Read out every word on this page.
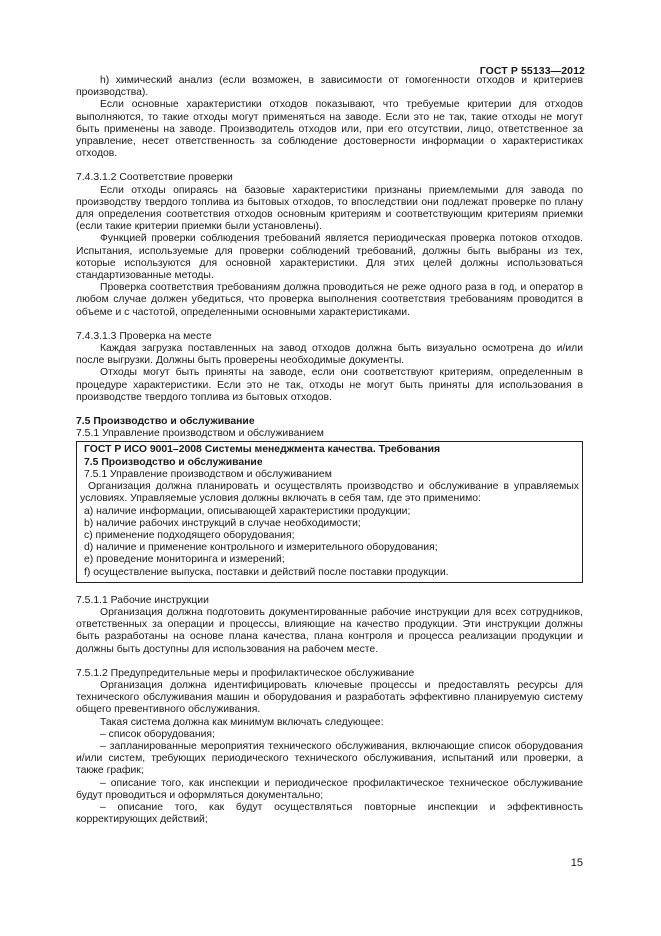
ГОСТ Р 55133—2012

h) химический анализ (если возможен, в зависимости от гомогенности отходов и критериев производства).

Если основные характеристики отходов показывают, что требуемые критерии для отходов выполняются, то такие отходы могут применяться на заводе. Если это не так, такие отходы не могут быть применены на заводе. Производитель отходов или, при его отсутствии, лицо, ответственное за управление, несет ответственность за соблюдение достоверности информации о характеристиках отходов.

7.4.3.1.2 Соответствие проверки

Если отходы опираясь на базовые характеристики признаны приемлемыми для завода по производству твердого топлива из бытовых отходов, то впоследствии они подлежат проверке по плану для определения соответствия отходов основным критериям и соответствующим критериям приемки (если такие критерии приемки были установлены).

Функцией проверки соблюдения требований является периодическая проверка потоков отходов. Испытания, используемые для проверки соблюдений требований, должны быть выбраны из тех, которые используются для основной характеристики. Для этих целей должны использоваться стандартизованные методы.

Проверка соответствия требованиям должна проводиться не реже одного раза в год, и оператор в любом случае должен убедиться, что проверка выполнения соответствия требованиям проводится в объеме и с частотой, определенными основными характеристиками.

7.4.3.1.3 Проверка на месте

Каждая загрузка поставленных на завод отходов должна быть визуально осмотрена до и/или после выгрузки. Должны быть проверены необходимые документы.

Отходы могут быть приняты на заводе, если они соответствуют критериям, определенным в процедуре характеристики. Если это не так, отходы не могут быть приняты для использования в производстве твердого топлива из бытовых отходов.

7.5 Производство и обслуживание

7.5.1 Управление производством и обслуживанием

ГОСТ Р ИСО 9001–2008 Системы менеджмента качества. Требования

7.5 Производство и обслуживание

7.5.1 Управление производством и обслуживанием

Организация должна планировать и осуществлять производство и обслуживание в управляемых условиях. Управляемые условия должны включать в себя там, где это применимо:

a) наличие информации, описывающей характеристики продукции;

b) наличие рабочих инструкций в случае необходимости;

c) применение подходящего оборудования;

d) наличие и применение контрольного и измерительного оборудования;

e) проведение мониторинга и измерений;

f) осуществление выпуска, поставки и действий после поставки продукции.

7.5.1.1 Рабочие инструкции

Организация должна подготовить документированные рабочие инструкции для всех сотрудников, ответственных за операции и процессы, влияющие на качество продукции. Эти инструкции должны быть разработаны на основе плана качества, плана контроля и процесса реализации продукции и должны быть доступны для использования на рабочем месте.

7.5.1.2 Предупредительные меры и профилактическое обслуживание

Организация должна идентифицировать ключевые процессы и предоставлять ресурсы для технического обслуживания машин и оборудования и разработать эффективно планируемую систему общего превентивного обслуживания.

Такая система должна как минимум включать следующее:

– список оборудования;

– запланированные мероприятия технического обслуживания, включающие список оборудования и/или систем, требующих периодического технического обслуживания, испытаний или проверки, а также график;

– описание того, как инспекции и периодическое профилактическое техническое обслуживание будут проводиться и оформляться документально;

– описание того, как будут осуществляться повторные инспекции и эффективность корректирующих действий;

15
